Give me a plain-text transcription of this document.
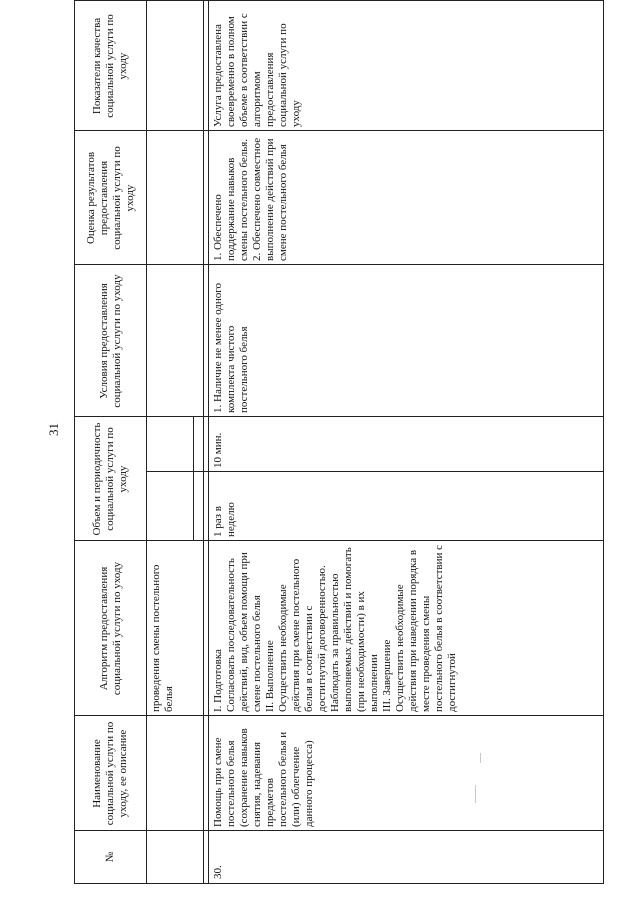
31
№
Наименование социальной услуги по уходу, ее описание
Алгоритм предоставления социальной услуги по уходу
Объем и периодичность социальной услуги по уходу
Условия предоставления социальной услуги по уходу
Оценка результатов предоставления социальной услуги по уходу
Показатели качества социальной услуги по уходу
проведения смены постельного белья
30.
Помощь при смене постельного белья (сохранение навыков снятия, надевания предметов постельного белья и (или) облегчение данного процесса)
I. Подготовка
Согласовать последовательность действий, вид, объем помощи при смене постельного белья
II. Выполнение
Осуществить необходимые действия при смене постельного белья в соответствии с достигнутой договоренностью.
Наблюдать за правильностью выполняемых действий и помогать (при необходимости) в их выполнении
III. Завершение
Осуществить необходимые действия при наведении порядка в месте проведения смены постельного белья в соответствии с достигнутой
1 раз в неделю
10 мин.
1. Наличие не менее одного комплекта чистого постельного белья
1. Обеспечено поддержание навыков смены постельного белья.
2. Обеспечено совместное выполнение действий при смене постельного белья
Услуга предоставлена своевременно в полном объеме в соответствии с алгоритмом предоставления социальной услуги по уходу
